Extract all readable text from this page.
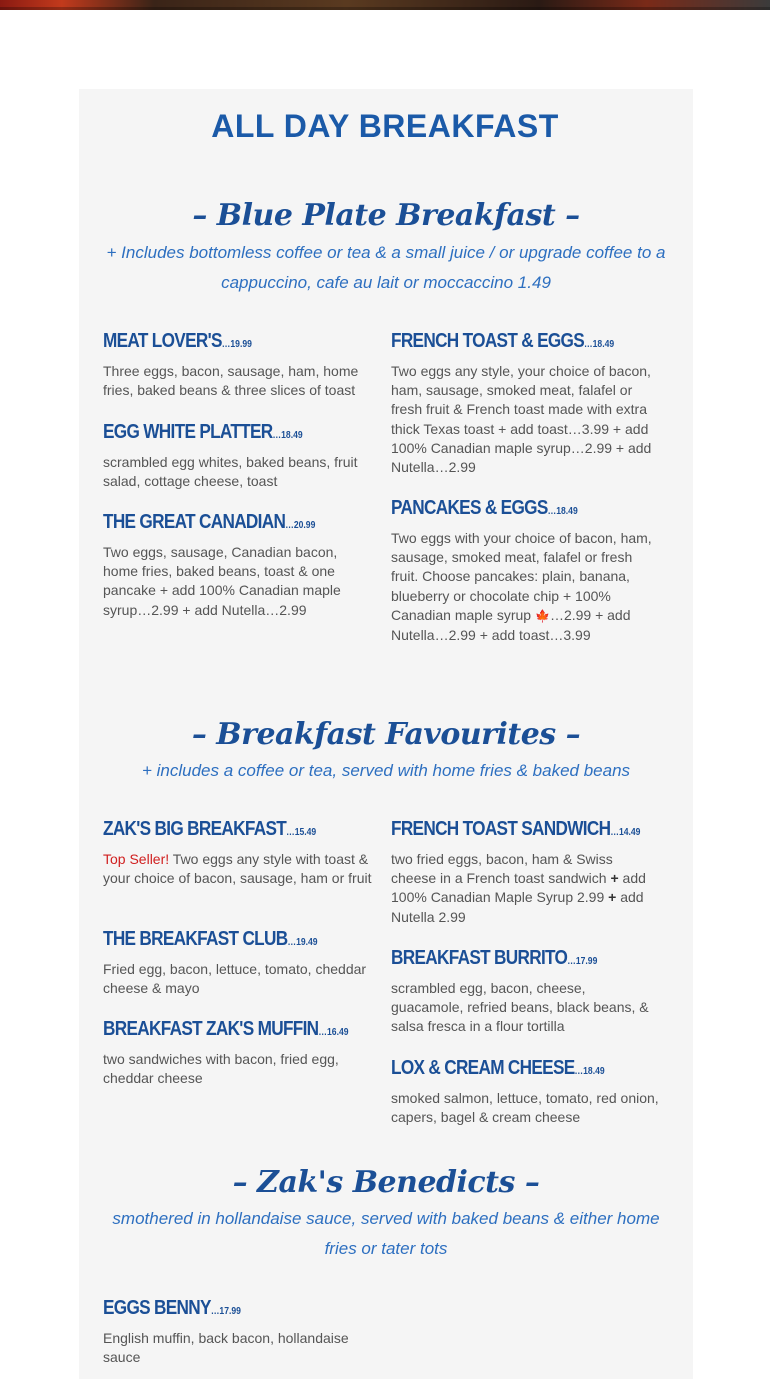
ALL DAY BREAKFAST
– Blue Plate Breakfast –

+ Includes bottomless coffee or tea & a small juice / or upgrade coffee to a cappuccino, cafe au lait or moccaccino 1.49

MEAT LOVER'S…19.99
Three eggs, bacon, sausage, ham, home fries, baked beans & three slices of toast
EGG WHITE PLATTER…18.49
scrambled egg whites, baked beans, fruit salad, cottage cheese, toast
THE GREAT CANADIAN…20.99
Two eggs, sausage, Canadian bacon, home fries, baked beans, toast & one pancake + add 100% Canadian maple syrup…2.99 + add Nutella…2.99
FRENCH TOAST & EGGS…18.49
Two eggs any style, your choice of bacon, ham, sausage, smoked meat, falafel or fresh fruit & French toast made with extra thick Texas toast + add toast…3.99 + add 100% Canadian maple syrup…2.99 + add Nutella…2.99
PANCAKES & EGGS…18.49
Two eggs with your choice of bacon, ham, sausage, smoked meat, falafel or fresh fruit. Choose pancakes: plain, banana, blueberry or chocolate chip + 100% Canadian maple syrup 🍁…2.99 + add Nutella…2.99 + add toast…3.99
– Breakfast Favourites –

+ includes a coffee or tea, served with home fries & baked beans

ZAK'S BIG BREAKFAST…15.49
Top Seller! Two eggs any style with toast & your choice of bacon, sausage, ham or fruit
THE BREAKFAST CLUB…19.49
Fried egg, bacon, lettuce, tomato, cheddar cheese & mayo
BREAKFAST ZAK'S MUFFIN…16.49
two sandwiches with bacon, fried egg, cheddar cheese
FRENCH TOAST SANDWICH…14.49
two fried eggs, bacon, ham & Swiss cheese in a French toast sandwich + add 100% Canadian Maple Syrup 2.99 + add Nutella 2.99
BREAKFAST BURRITO…17.99
scrambled egg, bacon, cheese, guacamole, refried beans, black beans, & salsa fresca in a flour tortilla
LOX & CREAM CHEESE…18.49
smoked salmon, lettuce, tomato, red onion, capers, bagel & cream cheese
– Zak's Benedicts –

smothered in hollandaise sauce, served with baked beans & either home fries or tater tots

EGGS BENNY…17.99
English muffin, back bacon, hollandaise sauce
